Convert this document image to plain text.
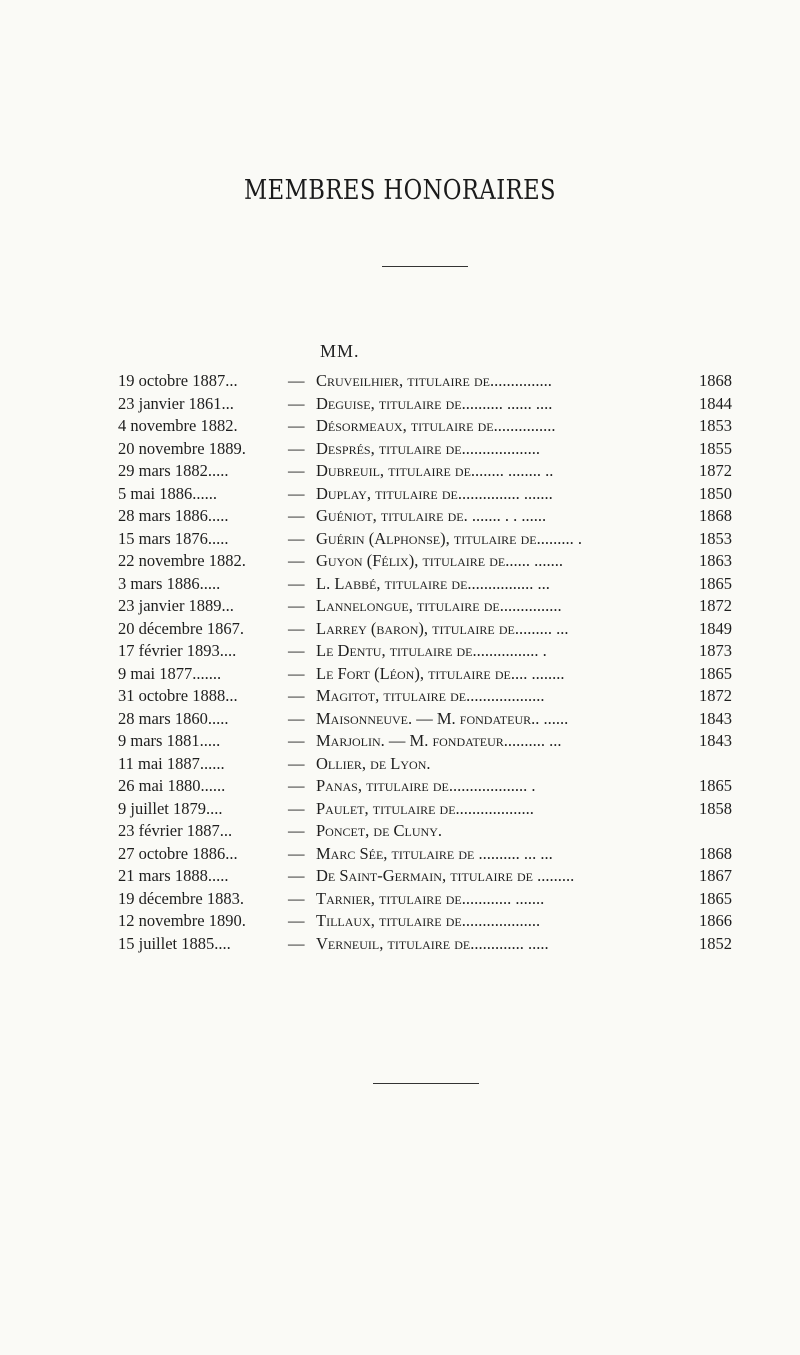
MEMBRES HONORAIRES
MM.
19 octobre 1887...	— Cruveilhier, titulaire de...............	1868
23 janvier 1861...	— Deguise, titulaire de.......... ...... ....	1844
4 novembre 1882.	— Désormeaux, titulaire de...............	1853
20 novembre 1889.	— Després, titulaire de...................	1855
29 mars 1882.....	— Dubreuil, titulaire de........ ........ ..	1872
5 mai 1886......	— Duplay, titulaire de............... .......	1850
28 mars 1886.....	— Guéniot, titulaire de. ....... . . ......	1868
15 mars 1876.....	— Guérin (Alphonse), titulaire de......... .	1853
22 novembre 1882.	— Guyon (Félix), titulaire de...... .......	1863
3 mars 1886.....	— L. Labbé, titulaire de................ ...	1865
23 janvier 1889...	— Lannelongue, titulaire de...............	1872
20 décembre 1867.	— Larrey (baron), titulaire de......... ...	1849
17 février 1893....	— Le Dentu, titulaire de................ .	1873
9 mai 1877.......	— Le Fort (Léon), titulaire de.... ........	1865
31 octobre 1888...	— Magitot, titulaire de...................	1872
28 mars 1860.....	— Maisonneuve. — M. fondateur.. ......	1843
9 mars 1881.....	— Marjolin. — M. fondateur.......... ...	1843
11 mai 1887......	— Ollier, de Lyon.
26 mai 1880......	— Panas, titulaire de................... .	1865
9 juillet 1879....	— Paulet, titulaire de...................	1858
23 février 1887...	— Poncet, de Cluny.
27 octobre 1886...	— Marc Sée, titulaire de .......... ... ...	1868
21 mars 1888.....	— De Saint-Germain, titulaire de .........	1867
19 décembre 1883.	— Tarnier, titulaire de............ .......	1865
12 novembre 1890.	— Tillaux, titulaire de...................	1866
15 juillet 1885....	— Verneuil, titulaire de............. .....	1852
